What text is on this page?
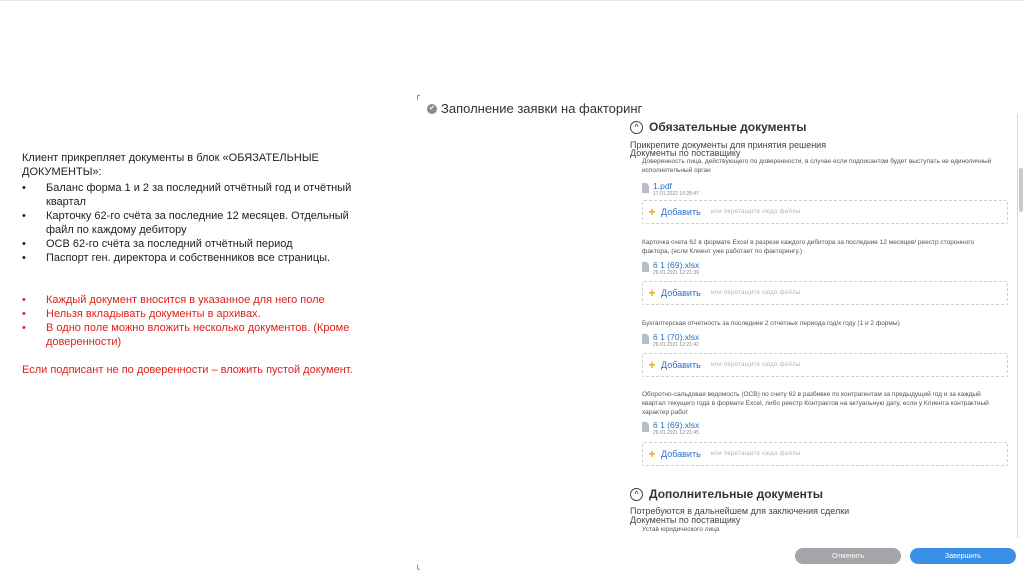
╭
╰
Клиент прикрепляет документы в блок «ОБЯЗАТЕЛЬНЫЕ ДОКУМЕНТЫ»:
• Баланс форма 1 и 2 за последний отчётный год и отчётный квартал
• Карточку 62-го счёта за последние 12 месяцев. Отдельный файл по каждому дебитору
• ОСВ 62-го счёта за последний отчётный период
• Паспорт ген. директора и собственников все страницы.
• Каждый документ вносится в указанное для него поле
• Нельзя вкладывать документы в архивах.
• В одно поле можно вложить несколько документов. (Кроме доверенности)
Если подписант не по доверенности – вложить пустой документ.
✔ Заполнение заявки на факторинг
^ Обязательные документы
Прикрепите документы для принятия решения
Документы по поставщику
Доверенность лица, действующего по доверенности, в случае если подписантом будет выступать не единоличный исполнительный орган
1.pdf
17.01.2022 10:28:47
+ Добавить или перетащите сюда файлы
Карточка счета 62 в формате Excel в разрезе каждого дебитора за последние 12 месяцев/ реестр сторонного фактора, (если Клиент уже работает по факторингу.)
6 1 (69).xlsx
26.01.2021 12:21:39
+ Добавить или перетащите сюда файлы
Бухгалтерская отчетность за последние 2 отчетных периода год/к году (1 и 2 формы)
6 1 (70).xlsx
26.01.2021 12:21:42
+ Добавить или перетащите сюда файлы
Оборотно-сальдовая ведомость (ОСВ) по счету 62 в разбивке по контрагентам за предыдущий год и за каждый квартал текущего года в формате Excel, либо реестр Контрактов на актуальную дату, если у Клиента контрактный характер работ
6 1 (69).xlsx
26.01.2021 12:21:45
+ Добавить или перетащите сюда файлы
^ Дополнительные документы
Потребуются в дальнейшем для заключения сделки
Документы по поставщику
Устав юридического лица
Отменить	Завершить
